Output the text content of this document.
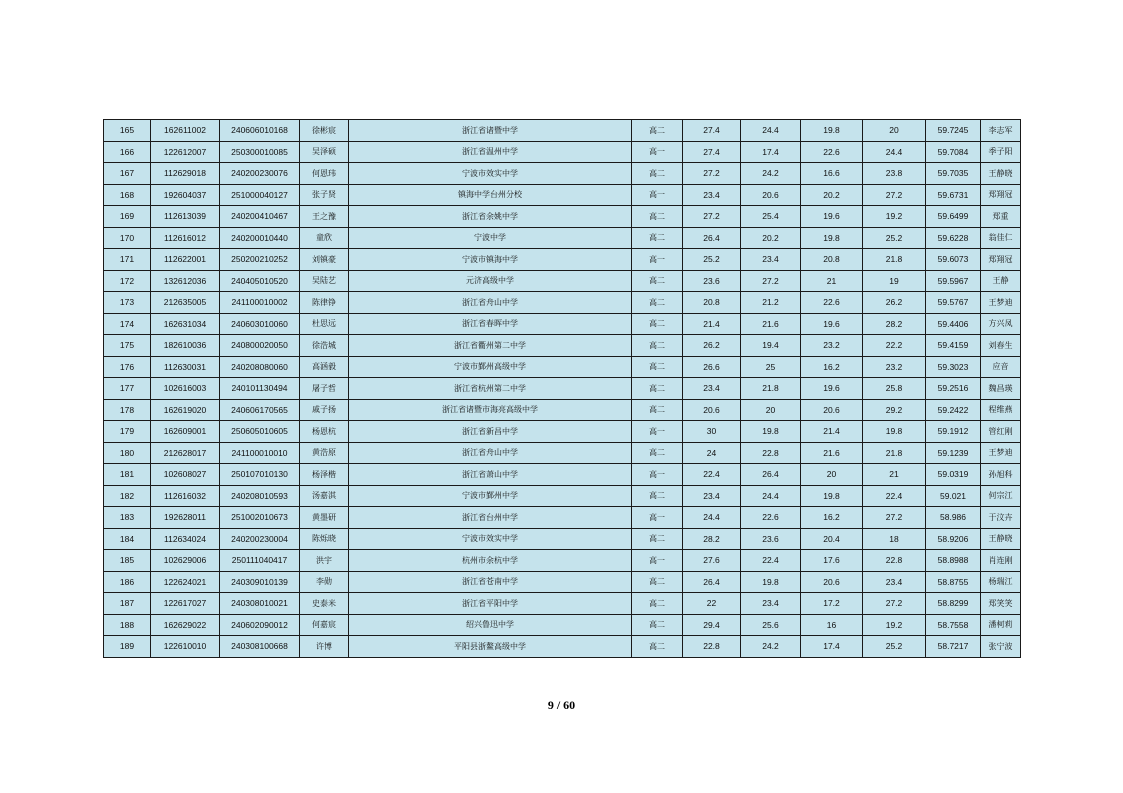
165	162611002	240606010168	徐彬宸	浙江省诸暨中学	高二	27.4	24.4	19.8	20	59.7245	李志军
166	122612007	250300010085	吴泽硕	浙江省温州中学	高一	27.4	17.4	22.6	24.4	59.7084	季子阳
167	112629018	240200230076	何恩玮	宁波市效实中学	高二	27.2	24.2	16.6	23.8	59.7035	王静晓
168	192604037	251000040127	张子贤	镇海中学台州分校	高一	23.4	20.6	20.2	27.2	59.6731	郑翔冠
169	112613039	240200410467	王之豫	浙江省余姚中学	高二	27.2	25.4	19.6	19.2	59.6499	郑重
170	112616012	240200010440	童欣	宁波中学	高二	26.4	20.2	19.8	25.2	59.6228	翁佳仁
171	112622001	250200210252	刘镇豪	宁波市镇海中学	高一	25.2	23.4	20.8	21.8	59.6073	郑翔冠
172	132612036	240405010520	吴陆艺	元济高级中学	高二	23.6	27.2	21	19	59.5967	王静
173	212635005	241100010002	陈律铮	浙江省舟山中学	高二	20.8	21.2	22.6	26.2	59.5767	王梦迪
174	162631034	240603010060	杜思远	浙江省春晖中学	高二	21.4	21.6	19.6	28.2	59.4406	方兴凤
175	182610036	240800020050	徐浩城	浙江省衢州第二中学	高二	26.2	19.4	23.2	22.2	59.4159	刘春生
176	112630031	240208080060	高涵毅	宁波市鄞州高级中学	高二	26.6	25	16.2	23.2	59.3023	应音
177	102616003	240101130494	屠子哲	浙江省杭州第二中学	高二	23.4	21.8	19.6	25.8	59.2516	魏昌瑛
178	162619020	240606170565	戚子扬	浙江省诸暨市海亮高级中学	高二	20.6	20	20.6	29.2	59.2422	程维燕
179	162609001	250605010605	杨恩杭	浙江省新昌中学	高一	30	19.8	21.4	19.8	59.1912	管红刚
180	212628017	241100010010	黄浩原	浙江省舟山中学	高二	24	22.8	21.6	21.8	59.1239	王梦迪
181	102608027	250107010130	杨泽楷	浙江省萧山中学	高一	22.4	26.4	20	21	59.0319	孙旭科
182	112616032	240208010593	汤嘉淇	宁波市鄞州中学	高二	23.4	24.4	19.8	22.4	59.021	何宗江
183	192628011	251002010673	黄墨研	浙江省台州中学	高一	24.4	22.6	16.2	27.2	58.986	于汶卉
184	112634024	240200230004	陈烁晓	宁波市效实中学	高二	28.2	23.6	20.4	18	58.9206	王静晓
185	102629006	250111040417	洪宇	杭州市余杭中学	高一	27.6	22.4	17.6	22.8	58.8988	肖连刚
186	122624021	240309010139	李勋	浙江省苍南中学	高二	26.4	19.8	20.6	23.4	58.8755	杨瑞江
187	122617027	240308010021	史泰米	浙江省平阳中学	高二	22	23.4	17.2	27.2	58.8299	郑笑笑
188	162629022	240602090012	何嘉宸	绍兴鲁迅中学	高二	29.4	25.6	16	19.2	58.7558	潘柯莉
189	122610010	240308100668	许博	平阳县浙鳌高级中学	高二	22.8	24.2	17.4	25.2	58.7217	张宁波
9 / 60
